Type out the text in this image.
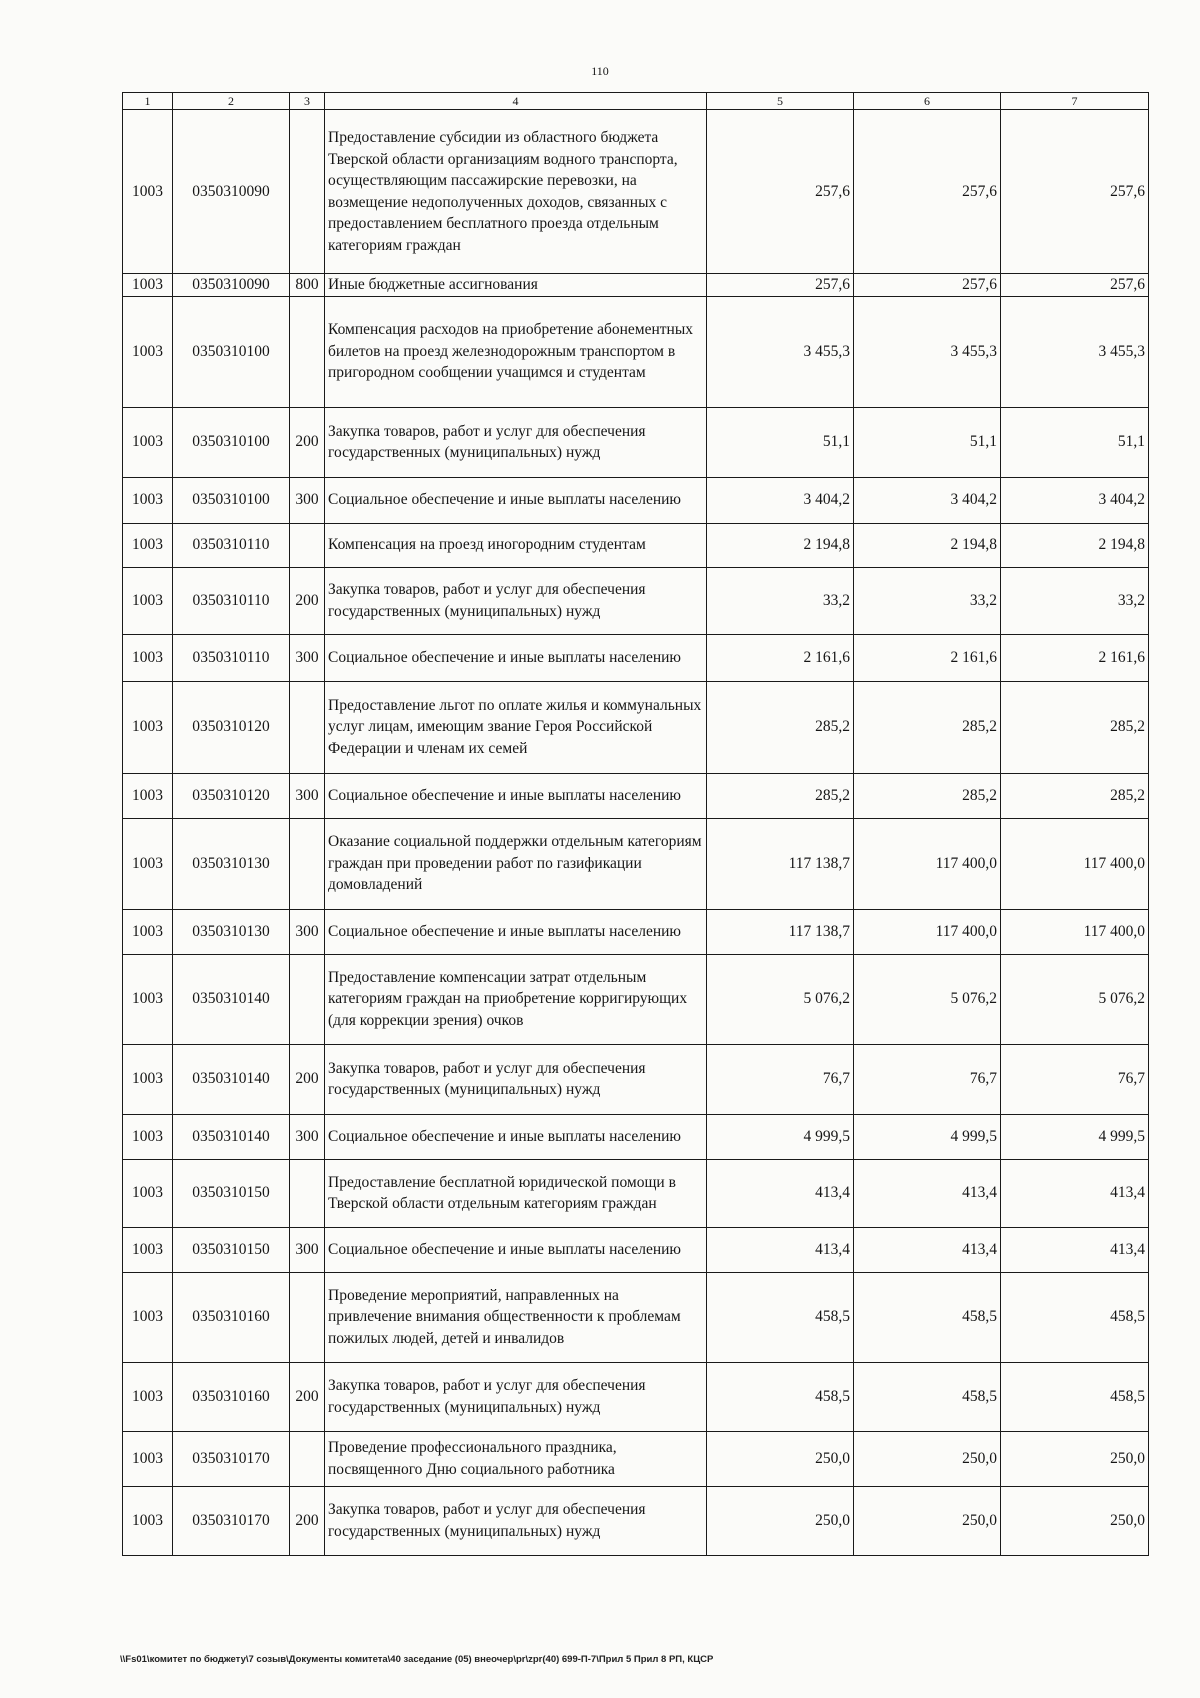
110
1	2	3	4	5	6	7
1003	0350310090		Предоставление субсидии из областного бюджета Тверской области организациям водного транспорта, осуществляющим пассажирские перевозки, на возмещение недополученных доходов, связанных с предоставлением бесплатного проезда отдельным категориям граждан	257,6	257,6	257,6
1003	0350310090	800	Иные бюджетные ассигнования	257,6	257,6	257,6
1003	0350310100		Компенсация расходов на приобретение абонементных билетов на проезд железнодорожным транспортом в пригородном сообщении учащимся и студентам	3 455,3	3 455,3	3 455,3
1003	0350310100	200	Закупка товаров, работ и услуг для обеспечения государственных (муниципальных) нужд	51,1	51,1	51,1
1003	0350310100	300	Социальное обеспечение и иные выплаты населению	3 404,2	3 404,2	3 404,2
1003	0350310110		Компенсация на проезд иногородним студентам	2 194,8	2 194,8	2 194,8
1003	0350310110	200	Закупка товаров, работ и услуг для обеспечения государственных (муниципальных) нужд	33,2	33,2	33,2
1003	0350310110	300	Социальное обеспечение и иные выплаты населению	2 161,6	2 161,6	2 161,6
1003	0350310120		Предоставление льгот по оплате жилья и коммунальных услуг лицам, имеющим звание Героя Российской Федерации и членам их семей	285,2	285,2	285,2
1003	0350310120	300	Социальное обеспечение и иные выплаты населению	285,2	285,2	285,2
1003	0350310130		Оказание социальной поддержки отдельным категориям граждан при проведении работ по газификации домовладений	117 138,7	117 400,0	117 400,0
1003	0350310130	300	Социальное обеспечение и иные выплаты населению	117 138,7	117 400,0	117 400,0
1003	0350310140		Предоставление компенсации затрат отдельным категориям граждан на приобретение корригирующих (для коррекции зрения) очков	5 076,2	5 076,2	5 076,2
1003	0350310140	200	Закупка товаров, работ и услуг для обеспечения государственных (муниципальных) нужд	76,7	76,7	76,7
1003	0350310140	300	Социальное обеспечение и иные выплаты населению	4 999,5	4 999,5	4 999,5
1003	0350310150		Предоставление бесплатной юридической помощи в Тверской области отдельным категориям граждан	413,4	413,4	413,4
1003	0350310150	300	Социальное обеспечение и иные выплаты населению	413,4	413,4	413,4
1003	0350310160		Проведение мероприятий, направленных на привлечение внимания общественности к проблемам пожилых людей, детей и инвалидов	458,5	458,5	458,5
1003	0350310160	200	Закупка товаров, работ и услуг для обеспечения государственных (муниципальных) нужд	458,5	458,5	458,5
1003	0350310170		Проведение профессионального праздника, посвященного Дню социального работника	250,0	250,0	250,0
1003	0350310170	200	Закупка товаров, работ и услуг для обеспечения государственных (муниципальных) нужд	250,0	250,0	250,0
\\Fs01\комитет по бюджету\7 созыв\Документы комитета\40 заседание (05) внеочер\pr\zpr(40) 699-П-7\Прил 5 Прил 8 РП, КЦСР
